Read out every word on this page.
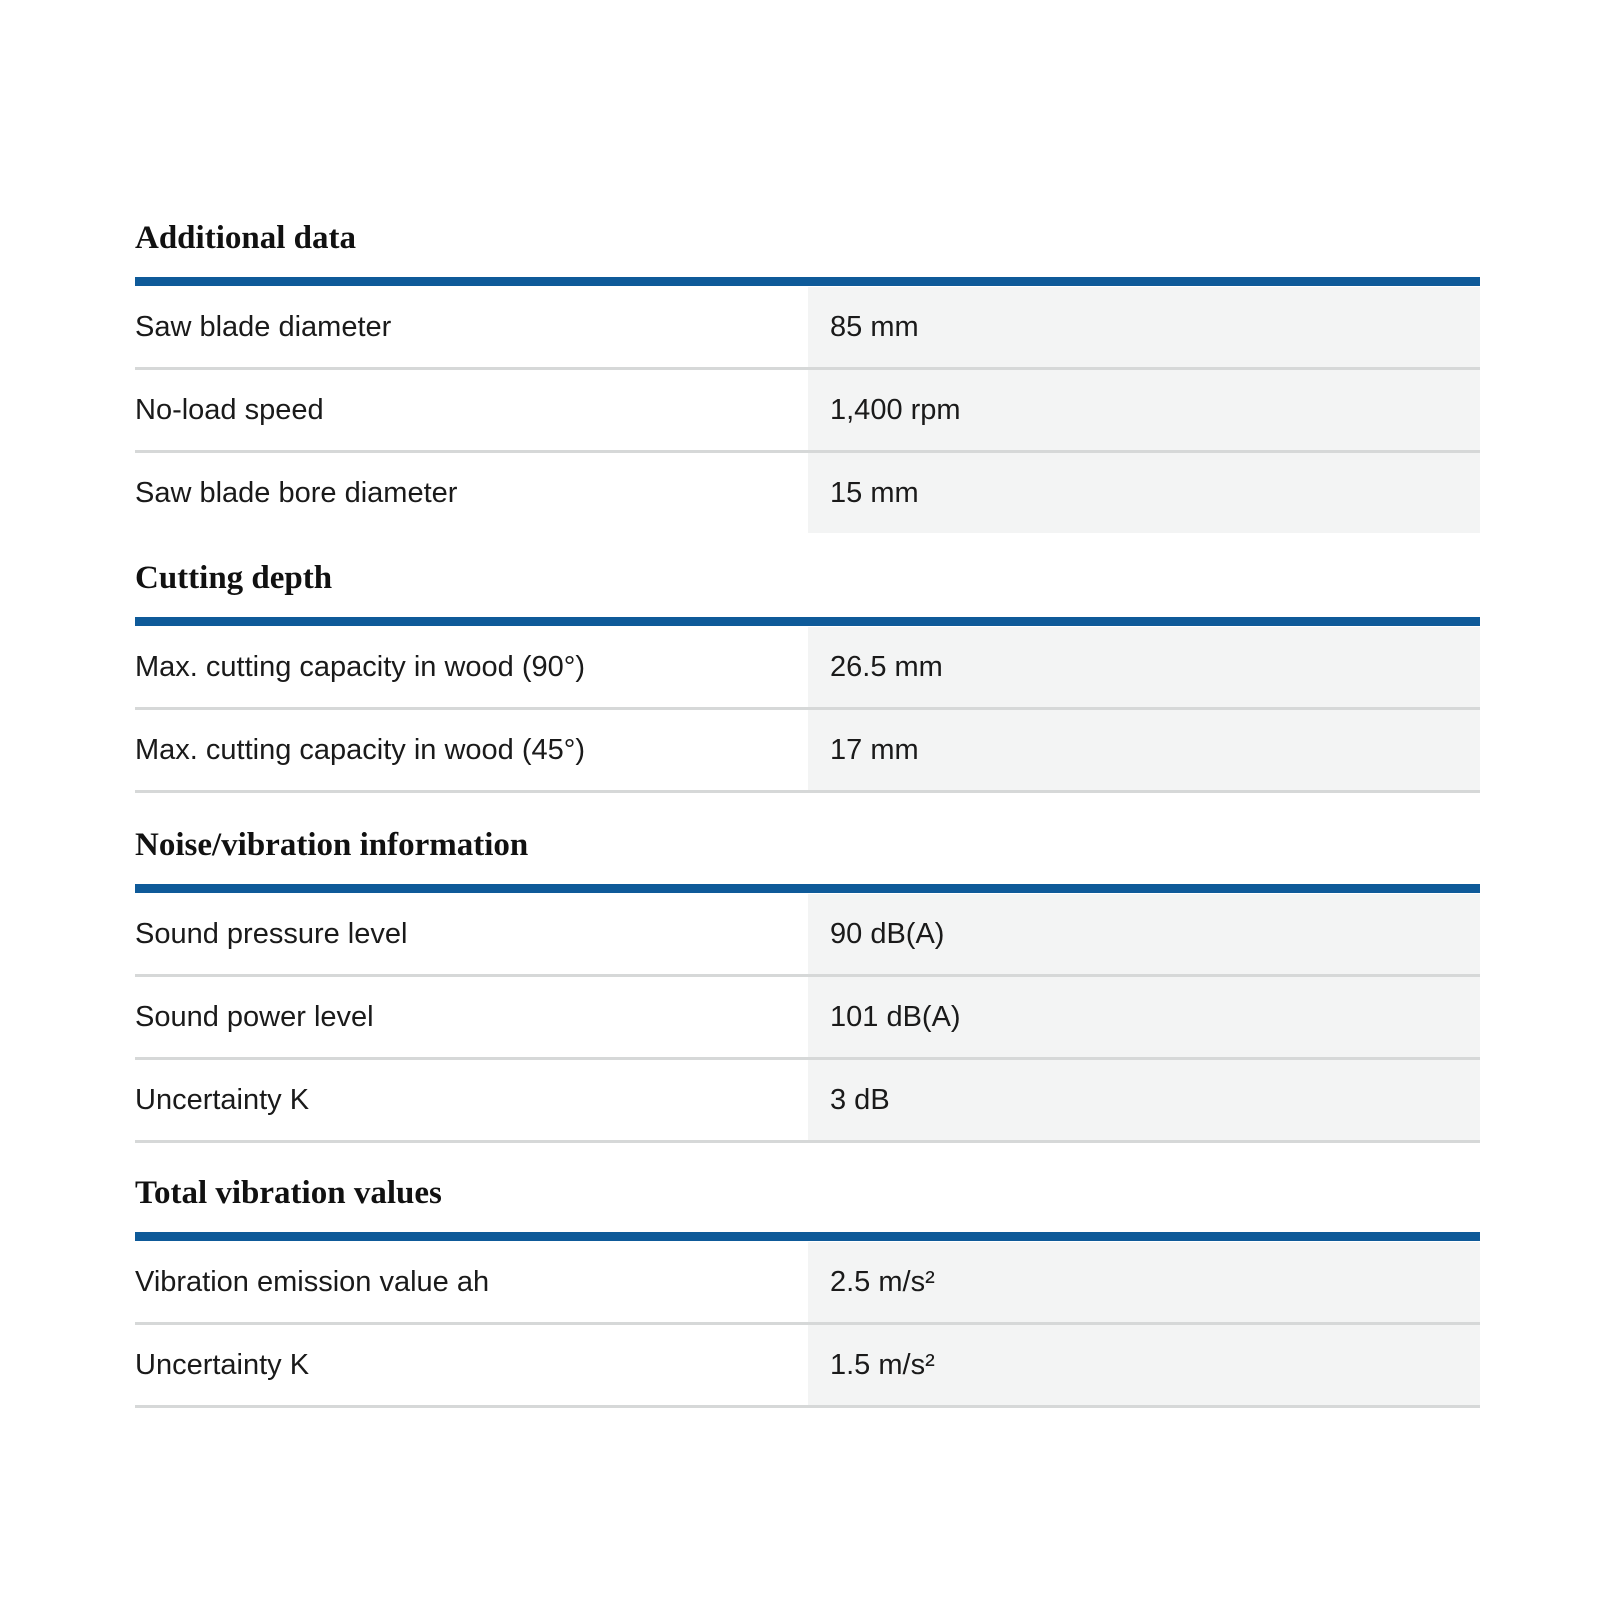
Additional data
Saw blade diameter	85 mm
No-load speed	1,400 rpm
Saw blade bore diameter	15 mm
Cutting depth
Max. cutting capacity in wood (90°)	26.5 mm
Max. cutting capacity in wood (45°)	17 mm
Noise/vibration information
Sound pressure level	90 dB(A)
Sound power level	101 dB(A)
Uncertainty K	3 dB
Total vibration values
Vibration emission value ah	2.5 m/s²
Uncertainty K	1.5 m/s²
